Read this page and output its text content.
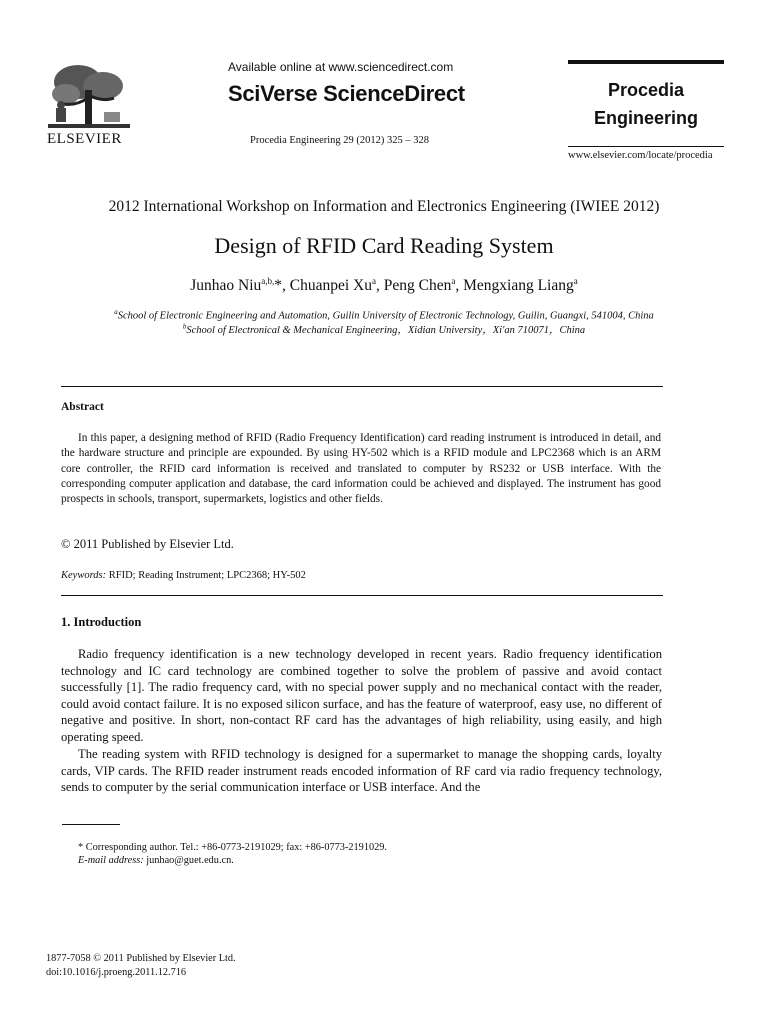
ELSEVIER
Available online at www.sciencedirect.com
SciVerse ScienceDirect
Procedia Engineering 29 (2012) 325 – 328
Procedia
Engineering
www.elsevier.com/locate/procedia
2012 International Workshop on Information and Electronics Engineering (IWIEE 2012)
Design of RFID Card Reading System
Junhao Niu$^{a,b,}$*, Chuanpei Xu$^a$, Peng Chen$^a$, Mengxiang Liang$^a$
$^a$School of Electronic Engineering and Automation, Guilin University of Electronic Technology, Guilin, Guangxi, 541004, China
$^b$School of Electronical & Mechanical Engineering，Xidian University，Xi'an 710071，China
Abstract
In this paper, a designing method of RFID (Radio Frequency Identification) card reading instrument is introduced in detail, and the hardware structure and principle are expounded. By using HY-502 which is a RFID module and LPC2368 which is an ARM core controller, the RFID card information is received and translated to computer by RS232 or USB interface. With the corresponding computer application and database, the card information could be achieved and displayed. The instrument has good prospects in schools, transport, supermarkets, logistics and other fields.
© 2011 Published by Elsevier Ltd.
Keywords: RFID; Reading Instrument; LPC2368; HY-502
1. Introduction
Radio frequency identification is a new technology developed in recent years. Radio frequency identification technology and IC card technology are combined together to solve the problem of passive and avoid contact successfully [1]. The radio frequency card, with no special power supply and no mechanical contact with the reader, could avoid contact failure. It is no exposed silicon surface, and has the feature of waterproof, easy use, no different of negative and positive. In short, non-contact RF card has the advantages of high reliability, using easily, and high operating speed.
The reading system with RFID technology is designed for a supermarket to manage the shopping cards, loyalty cards, VIP cards. The RFID reader instrument reads encoded information of RF card via radio frequency technology, sends to computer by the serial communication interface or USB interface. And the
* Corresponding author. Tel.: +86-0773-2191029; fax: +86-0773-2191029.
E-mail address: junhao@guet.edu.cn.
1877-7058 © 2011 Published by Elsevier Ltd.
doi:10.1016/j.proeng.2011.12.716
